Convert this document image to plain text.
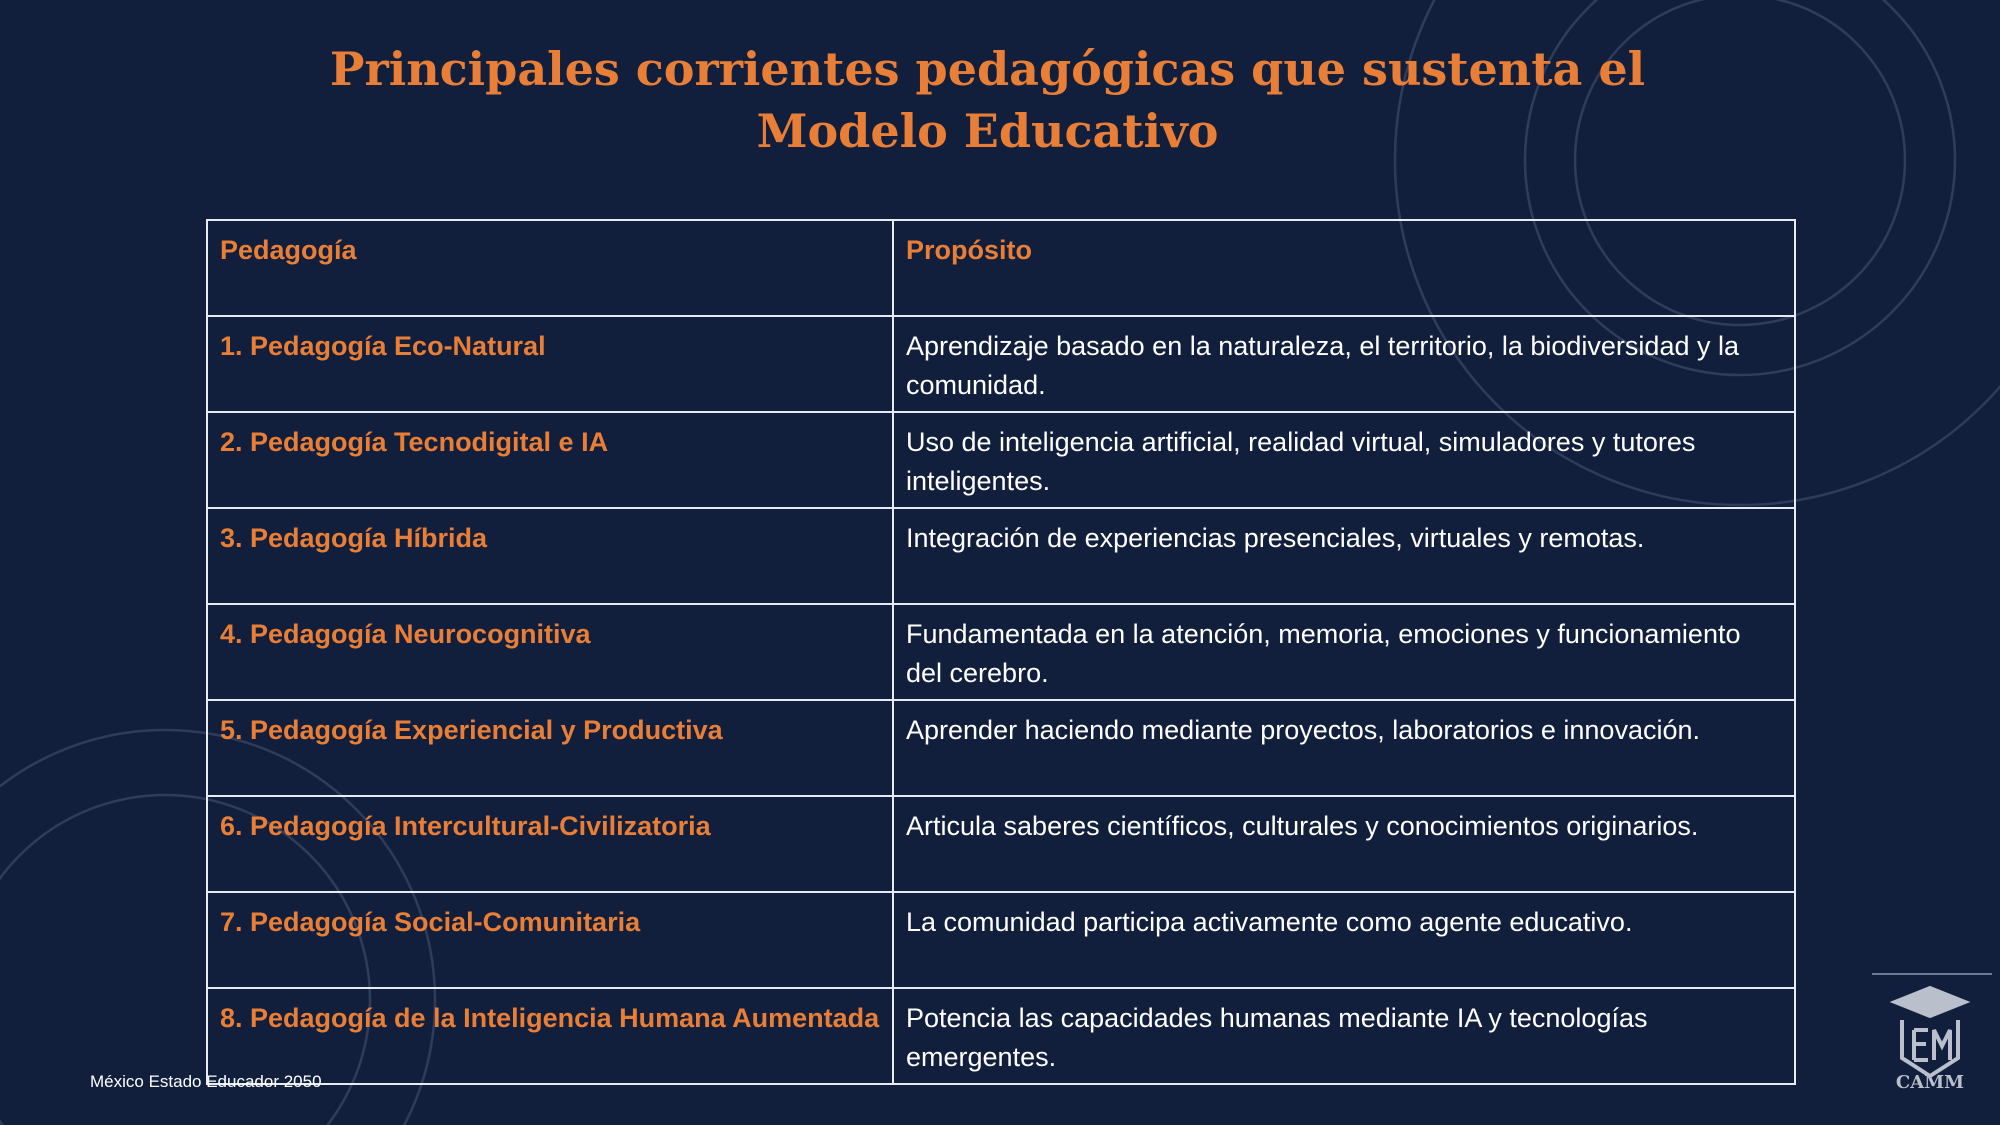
Principales corrientes pedagógicas que sustenta el
Modelo Educativo
Pedagogía	Propósito
1. Pedagogía Eco-Natural	Aprendizaje basado en la naturaleza, el territorio, la biodiversidad y la comunidad.
2. Pedagogía Tecnodigital e IA	Uso de inteligencia artificial, realidad virtual, simuladores y tutores inteligentes.
3. Pedagogía Híbrida	Integración de experiencias presenciales, virtuales y remotas.
4. Pedagogía Neurocognitiva	Fundamentada en la atención, memoria, emociones y funcionamiento del cerebro.
5. Pedagogía Experiencial y Productiva	Aprender haciendo mediante proyectos, laboratorios e innovación.
6. Pedagogía Intercultural-Civilizatoria	Articula saberes científicos, culturales y conocimientos originarios.
7. Pedagogía Social-Comunitaria	La comunidad participa activamente como agente educativo.
8. Pedagogía de la Inteligencia Humana Aumentada	Potencia las capacidades humanas mediante IA y tecnologías emergentes.
México Estado Educador 2050	CAMM
